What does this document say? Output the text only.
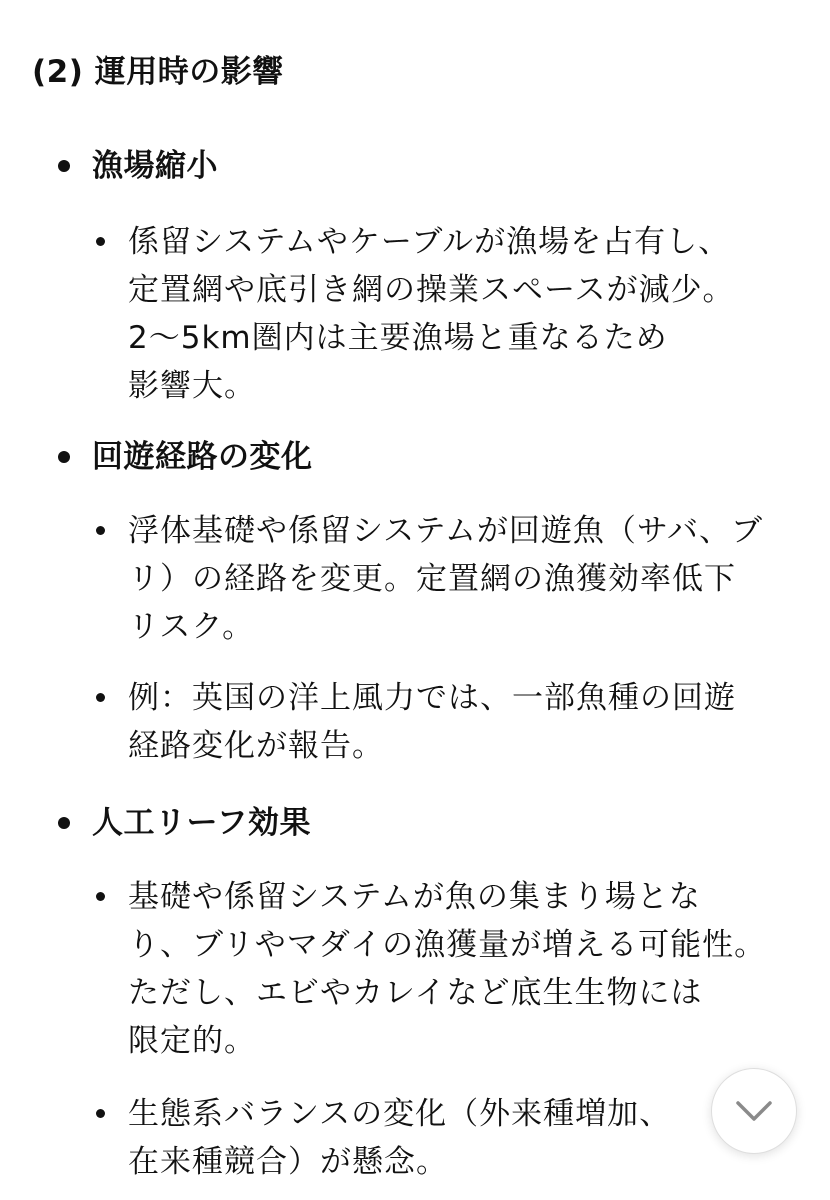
(2) 運用時の影響
漁場縮小

係留システムやケーブルが漁場を占有し、
定置網や底引き網の操業スペースが減少。
2〜5km圏内は主要漁場と重なるため
影響大。

回遊経路の変化

浮体基礎や係留システムが回遊魚（サバ、ブ
リ）の経路を変更。定置網の漁獲効率低下
リスク。

例：英国の洋上風力では、一部魚種の回遊
経路変化が報告。

人工リーフ効果

基礎や係留システムが魚の集まり場とな
り、ブリやマダイの漁獲量が増える可能性。
ただし、エビやカレイなど底生生物には
限定的。

生態系バランスの変化（外来種増加、
在来種競合）が懸念。
